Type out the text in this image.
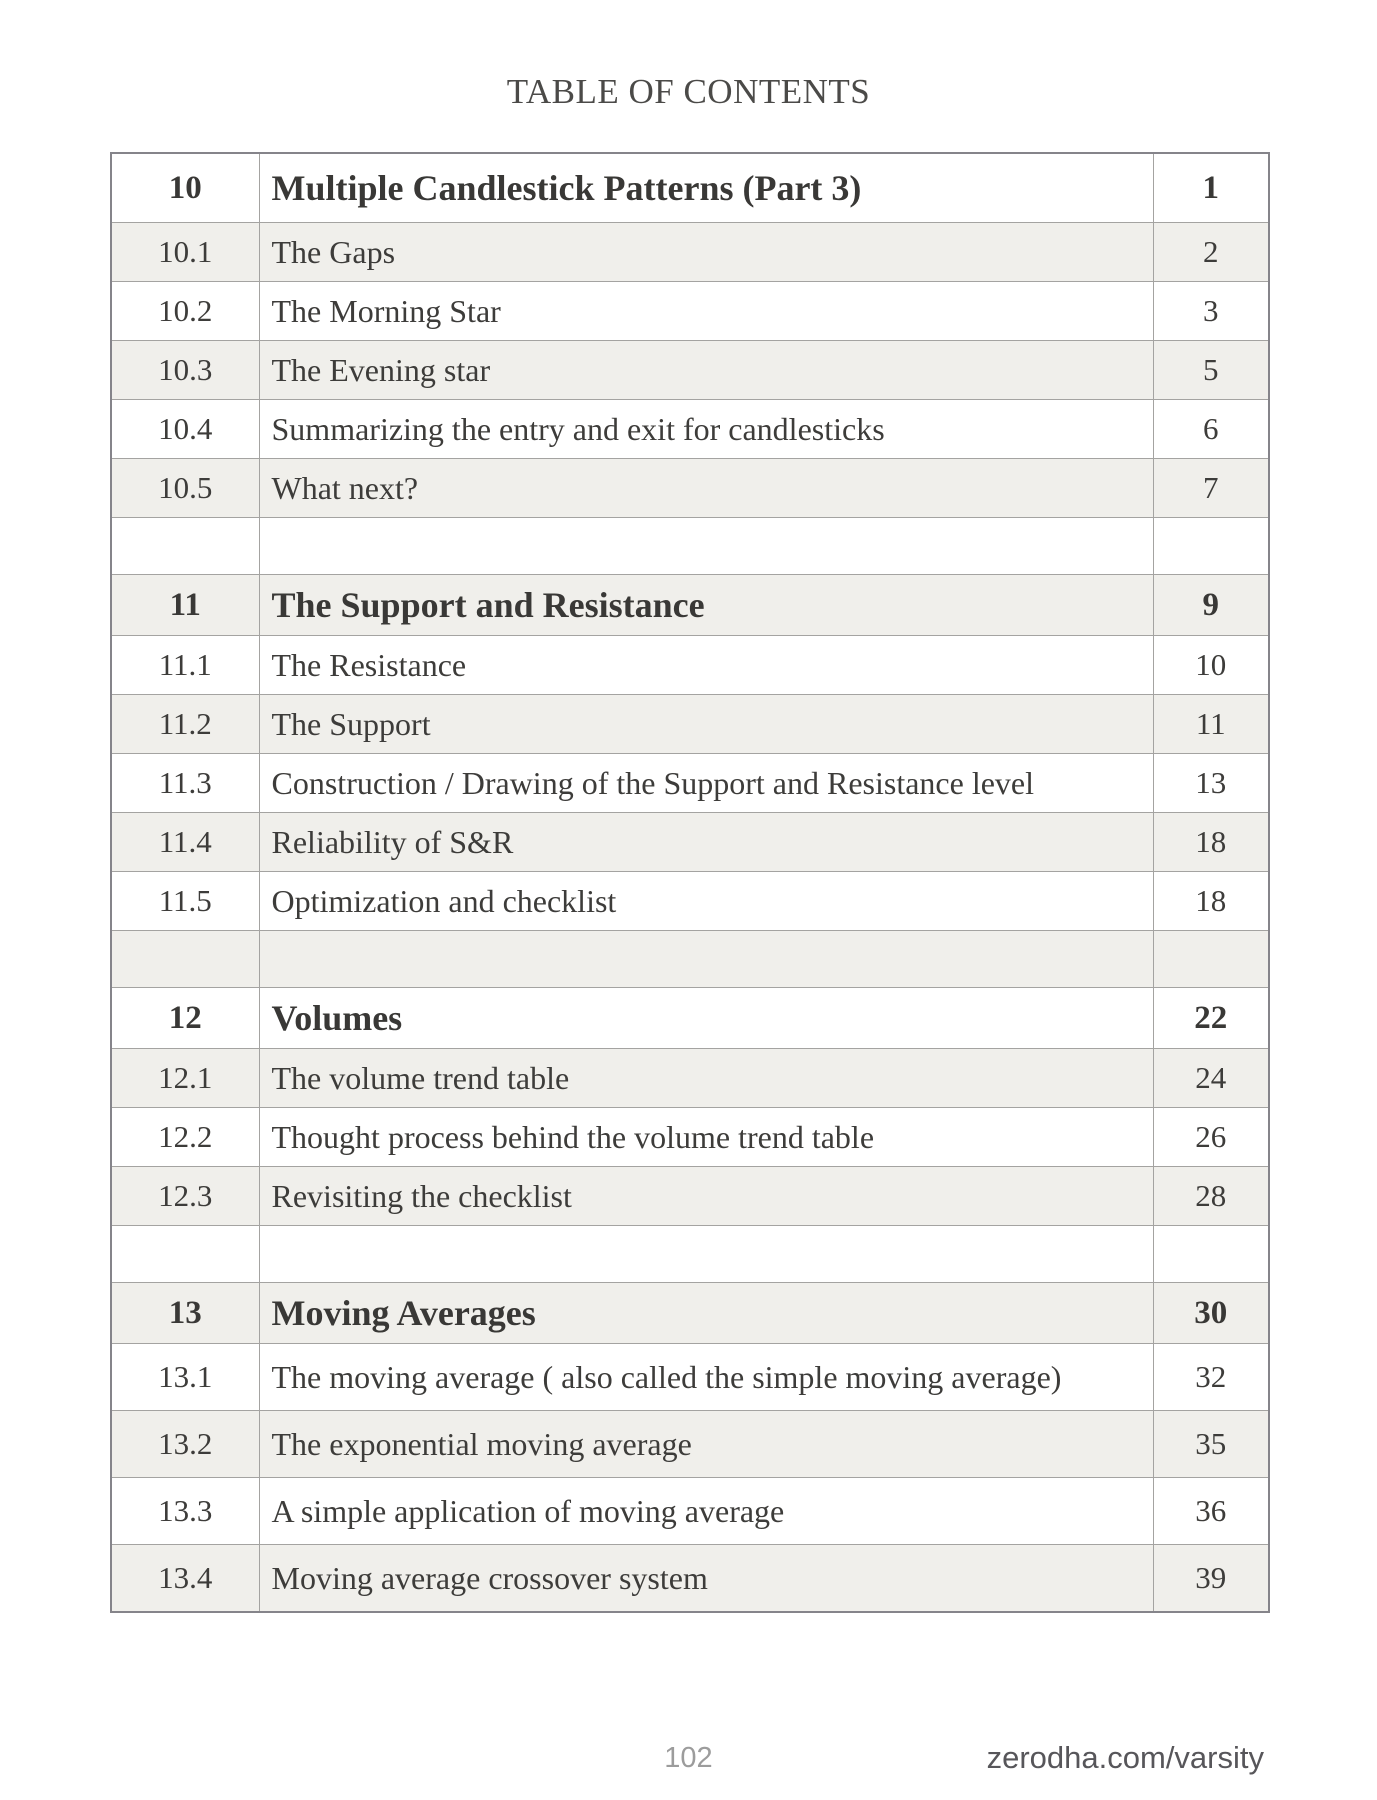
TABLE OF CONTENTS
10	Multiple Candlestick Patterns (Part 3)	1
10.1	The Gaps	2
10.2	The Morning Star	3
10.3	The Evening star	5
10.4	Summarizing the entry and exit for candlesticks	6
10.5	What next?	7

11	The Support and Resistance	9
11.1	The Resistance	10
11.2	The Support	11
11.3	Construction / Drawing of the Support and Resistance level	13
11.4	Reliability of S&R	18
11.5	Optimization and checklist	18

12	Volumes	22
12.1	The volume trend table	24
12.2	Thought process behind the volume trend table	26
12.3	Revisiting the checklist	28

13	Moving Averages	30
13.1	The moving average ( also called the simple moving average)	32
13.2	The exponential moving average	35
13.3	A simple application of moving average	36
13.4	Moving average crossover system	39
102	zerodha.com/varsity
